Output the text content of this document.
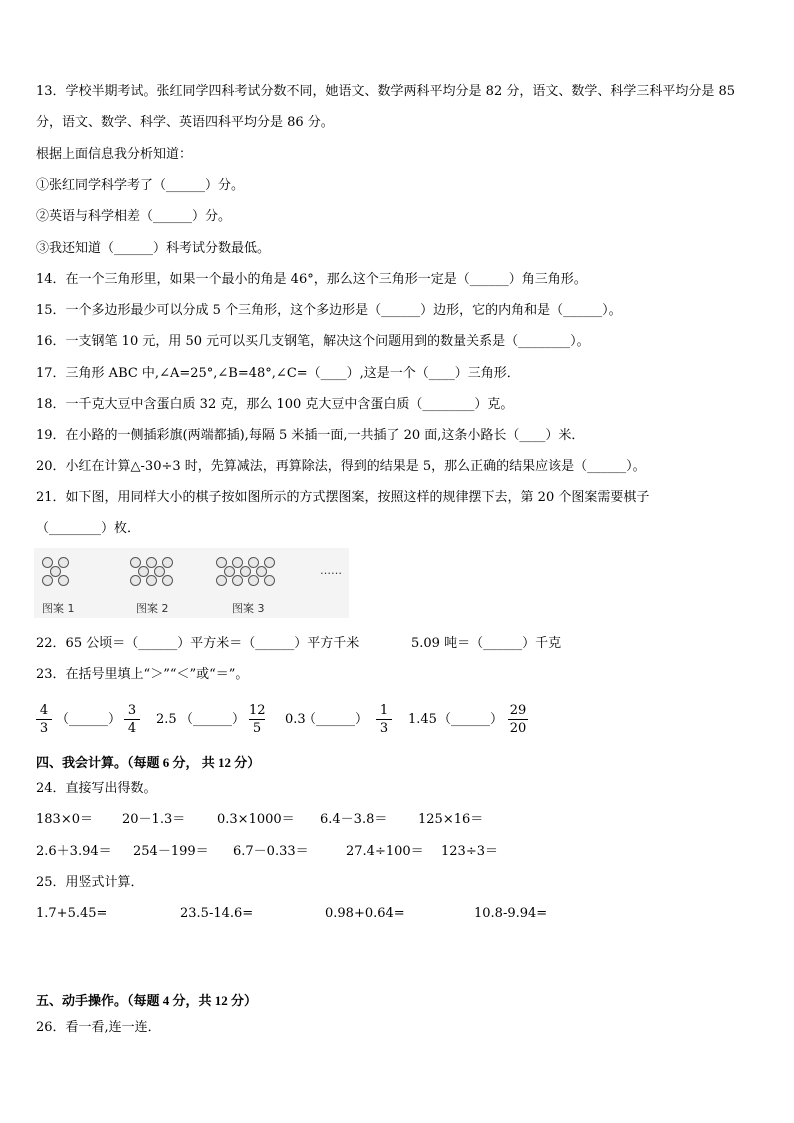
13．学校半期考试。张红同学四科考试分数不同，她语文、数学两科平均分是 82 分，语文、数学、科学三科平均分是 85
分，语文、数学、科学、英语四科平均分是 86 分。
根据上面信息我分析知道：
①张红同学科学考了（______）分。
②英语与科学相差（______）分。
③我还知道（______）科考试分数最低。
14．在一个三角形里，如果一个最小的角是 46°，那么这个三角形一定是（______）角三角形。
15．一个多边形最少可以分成 5 个三角形，这个多边形是（______）边形，它的内角和是（______）。
16．一支钢笔 10 元，用 50 元可以买几支钢笔，解决这个问题用到的数量关系是（________）。
17．三角形 ABC 中,∠A=25°,∠B=48°,∠C=（____）,这是一个（____）三角形．
18．一千克大豆中含蛋白质 32 克，那么 100 克大豆中含蛋白质（________）克。
19．在小路的一侧插彩旗(两端都插),每隔 5 米插一面,一共插了 20 面,这条小路长（____）米．
20．小红在计算△-30÷3 时，先算减法，再算除法，得到的结果是 5，那么正确的结果应该是（______）。
21．如下图，用同样大小的棋子按如图所示的方式摆图案，按照这样的规律摆下去，第 20 个图案需要棋子
（________）枚．
……
图案 1	图案 2	图案 3
22．65 公顷＝（______）平方米＝（______）平方千米	5.09 吨＝（______）千克
23．在括号里填上“＞”“＜”或“＝”。
$\frac{4}{3}$ （______） $\frac{3}{4} 2.5$ （______） $\frac{12}{5} 0.3$
（______） $\frac{1}{3} 1.45$ （______） $\frac{29}{20}$
四、我会计算。（每题 6 分， 共 12 分）
24．直接写出得数。
183×0＝ 20－1.3＝ 0.3×1000＝ 6.4－3.8＝ 125×16＝
2.6＋3.94＝ 254－199＝ 6.7－0.33＝	27.4÷100＝ 123÷3＝
25．用竖式计算．
1.7+5.45=	23.5-14.6=	0.98+0.64=	10.8-9.94=
五、动手操作。（每题 4 分，共 12 分）
26．看一看,连一连．
